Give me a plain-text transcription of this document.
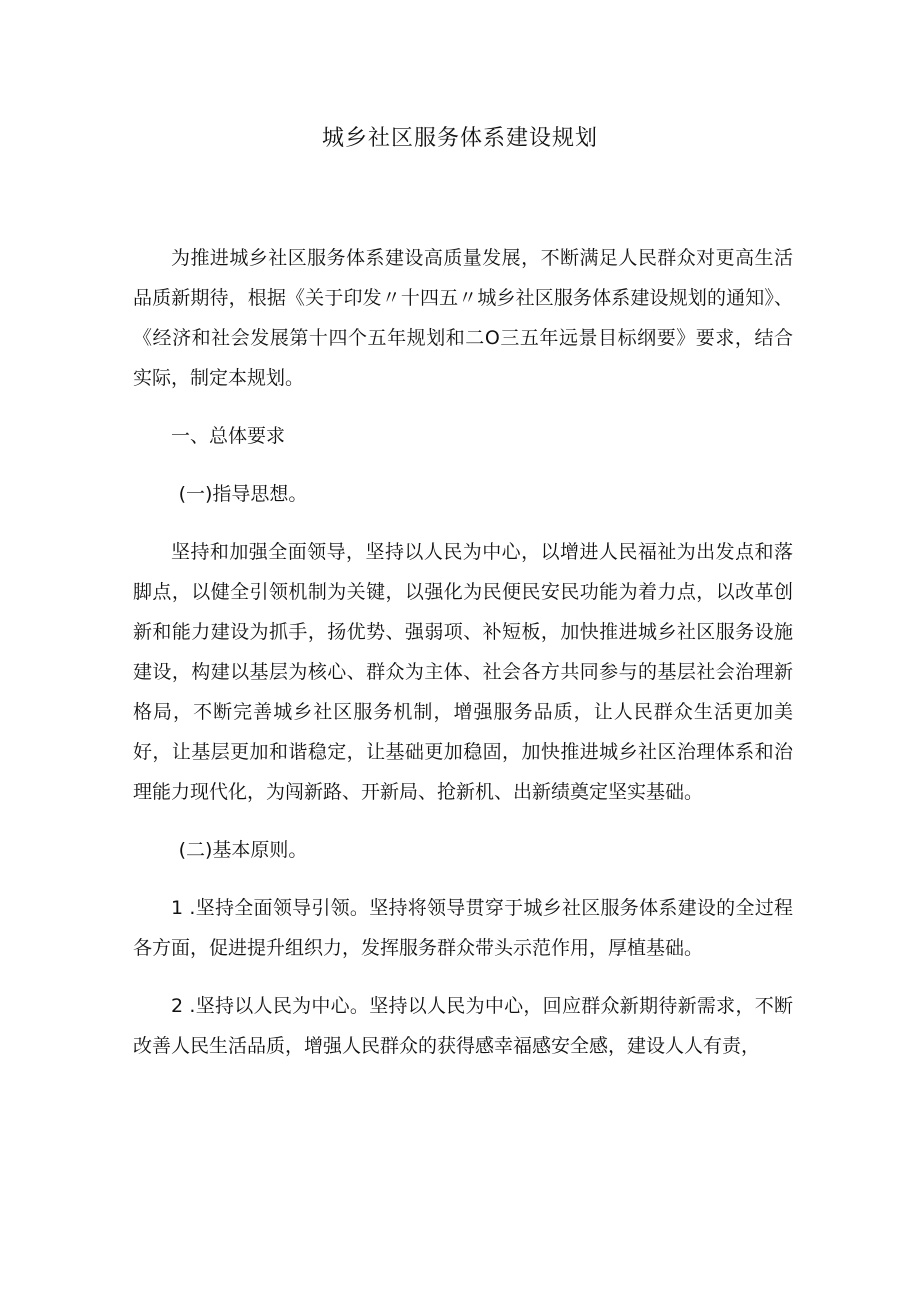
城乡社区服务体系建设规划

为推进城乡社区服务体系建设高质量发展，不断满足人民群众对更高生活品质新期待，根据《关于印发〃十四五〃城乡社区服务体系建设规划的通知》、《经济和社会发展第十四个五年规划和二O三五年远景目标纲要》要求，结合实际，制定本规划。

一、总体要求

(一)指导思想。

坚持和加强全面领导，坚持以人民为中心，以增进人民福祉为出发点和落脚点，以健全引领机制为关键，以强化为民便民安民功能为着力点，以改革创新和能力建设为抓手，扬优势、强弱项、补短板，加快推进城乡社区服务设施建设，构建以基层为核心、群众为主体、社会各方共同参与的基层社会治理新格局，不断完善城乡社区服务机制，增强服务品质，让人民群众生活更加美好，让基层更加和谐稳定，让基础更加稳固，加快推进城乡社区治理体系和治理能力现代化，为闯新路、开新局、抢新机、出新绩奠定坚实基础。

(二)基本原则。

1 .坚持全面领导引领。坚持将领导贯穿于城乡社区服务体系建设的全过程各方面，促进提升组织力，发挥服务群众带头示范作用，厚植基础。

2 .坚持以人民为中心。坚持以人民为中心，回应群众新期待新需求，不断改善人民生活品质，增强人民群众的获得感幸福感安全感，建设人人有责，
